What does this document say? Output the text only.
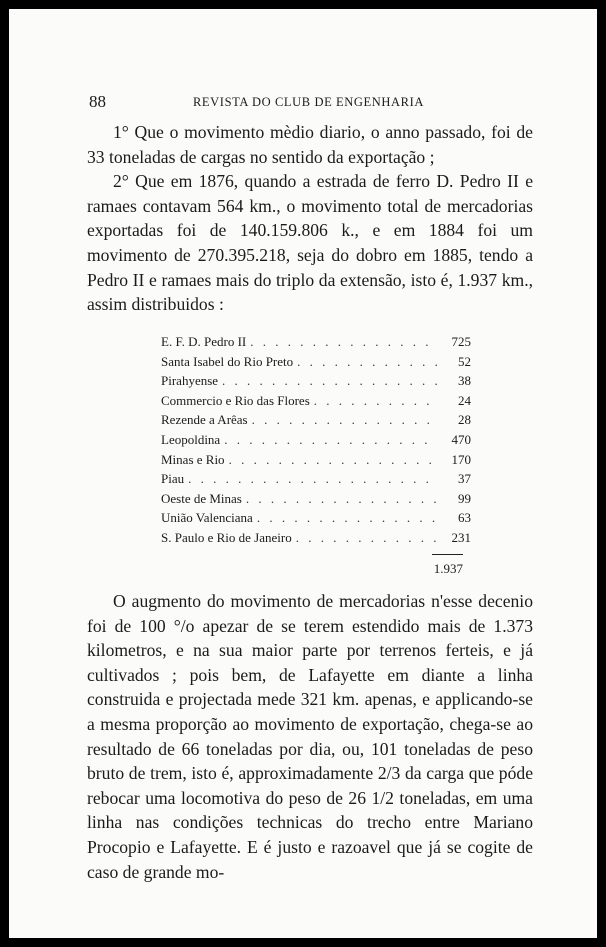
88	REVISTA DO CLUB DE ENGENHARIA

1° Que o movimento mèdio diario, o anno passado, foi de 33 toneladas de cargas no sentido da exportação ;

2° Que em 1876, quando a estrada de ferro D. Pedro II e ramaes contavam 564 km., o movimento total de mercadorias exportadas foi de 140.159.806 k., e em 1884 foi um movimento de 270.395.218, seja do dobro em 1885, tendo a Pedro II e ramaes mais do triplo da extensão, isto é, 1.937 km., assim distribuidos :

E. F. D. Pedro II . . .	725
Santa Isabel do Rio Preto . . .	52
Pirahyense . . .	38
Commercio e Rio das Flores . . .	24
Rezende a Arêas . . .	28
Leopoldina . . .	470
Minas e Rio . . .	170
Piau . . .	37
Oeste de Minas . . .	99
União Valenciana . . .	63
S. Paulo e Rio de Janeiro . . .	231
1.937

O augmento do movimento de mercadorias n'esse decenio foi de 100 °/o apezar de se terem estendido mais de 1.373 kilometros, e na sua maior parte por terrenos ferteis, e já cultivados ; pois bem, de Lafayette em diante a linha construida e projectada mede 321 km. apenas, e applicando-se a mesma proporção ao movimento de exportação, chega-se ao resultado de 66 toneladas por dia, ou, 101 toneladas de peso bruto de trem, isto é, approximadamente 2/3 da carga que póde rebocar uma locomotiva do peso de 26 1/2 toneladas, em uma linha nas condições technicas do trecho entre Mariano Procopio e Lafayette. E é justo e razoavel que já se cogite de caso de grande mo-
